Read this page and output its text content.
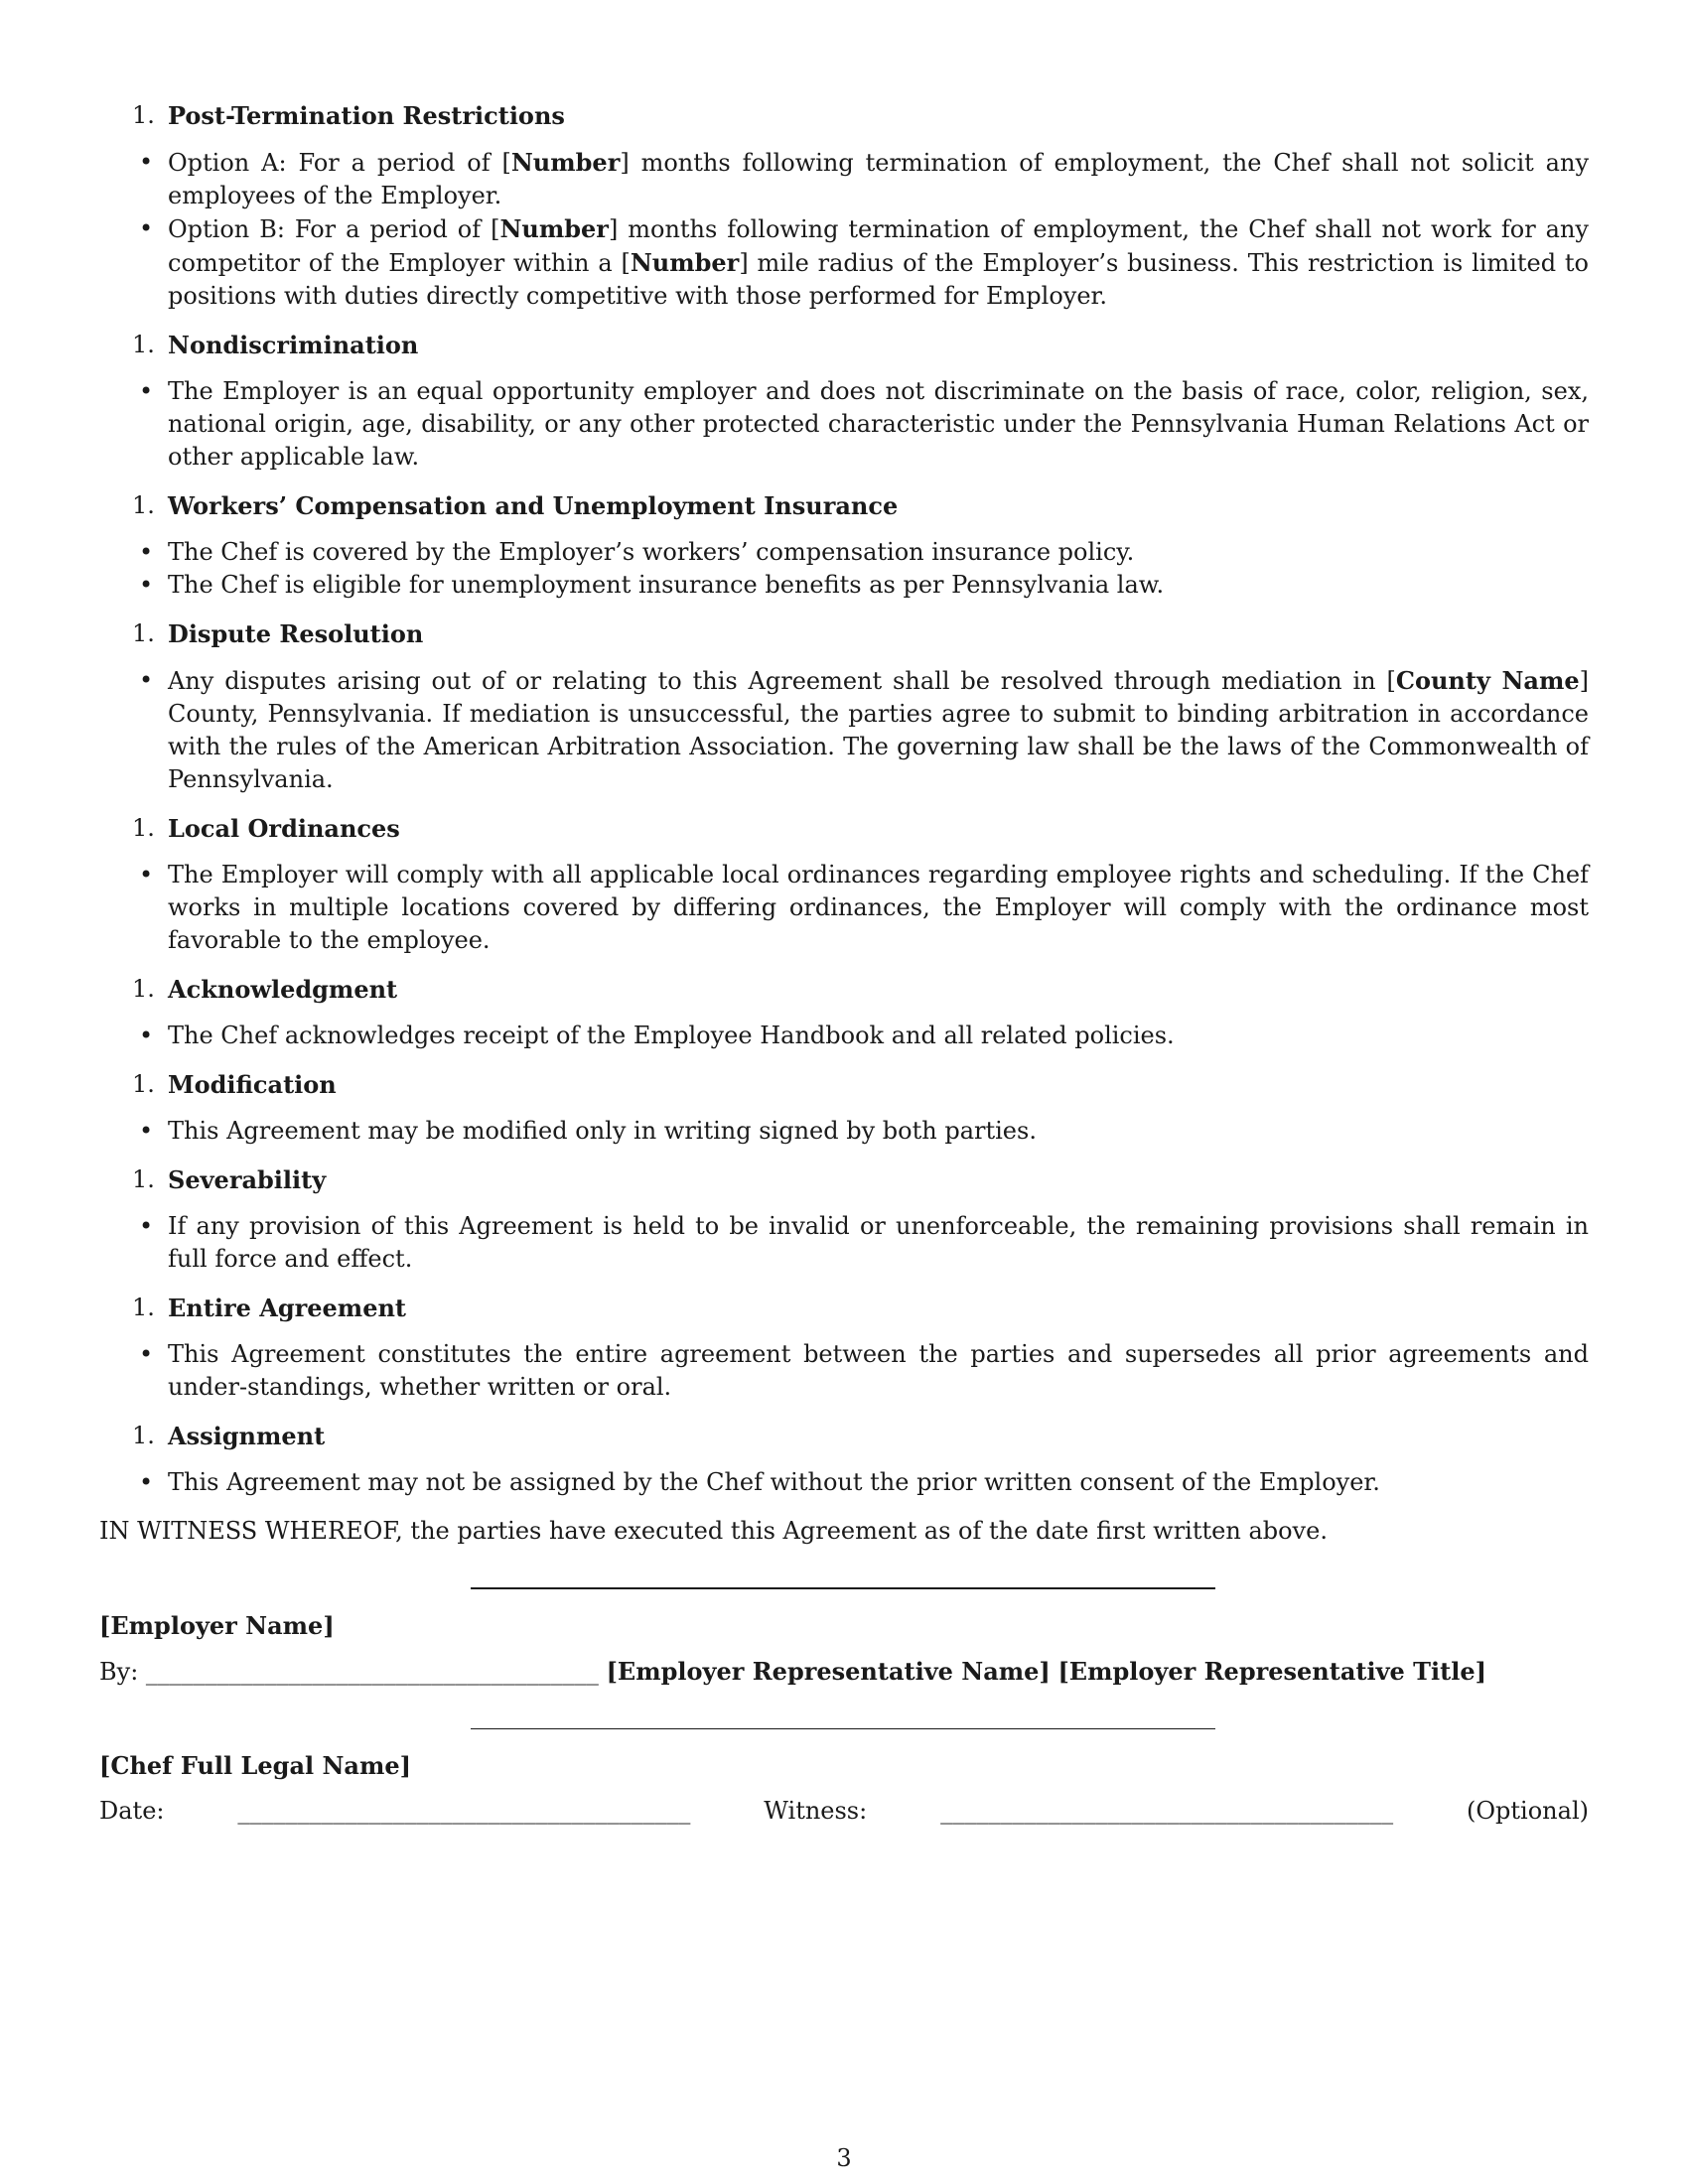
1. Post-Termination Restrictions
• Option A: For a period of [Number] months following termination of employment, the Chef shall not solicit any employees of the Employer.
• Option B: For a period of [Number] months following termination of employment, the Chef shall not work for any competitor of the Employer within a [Number] mile radius of the Employer’s business. This restriction is limited to positions with duties directly competitive with those performed for Employer.
1. Nondiscrimination
• The Employer is an equal opportunity employer and does not discriminate on the basis of race, color, religion, sex, national origin, age, disability, or any other protected characteristic under the Pennsylvania Human Relations Act or other applicable law.
1. Workers’ Compensation and Unemployment Insurance
• The Chef is covered by the Employer’s workers’ compensation insurance policy.
• The Chef is eligible for unemployment insurance benefits as per Pennsylvania law.
1. Dispute Resolution
• Any disputes arising out of or relating to this Agreement shall be resolved through mediation in [County Name] County, Pennsylvania. If mediation is unsuccessful, the parties agree to submit to binding arbitration in accordance with the rules of the American Arbitration Association. The governing law shall be the laws of the Commonwealth of Pennsylvania.
1. Local Ordinances
• The Employer will comply with all applicable local ordinances regarding employee rights and scheduling. If the Chef works in multiple locations covered by differing ordinances, the Employer will comply with the ordinance most favorable to the employee.
1. Acknowledgment
• The Chef acknowledges receipt of the Employee Handbook and all related policies.
1. Modification
• This Agreement may be modified only in writing signed by both parties.
1. Severability
• If any provision of this Agreement is held to be invalid or unenforceable, the remaining provisions shall remain in full force and effect.
1. Entire Agreement
• This Agreement constitutes the entire agreement between the parties and supersedes all prior agreements and under-standings, whether written or oral.
1. Assignment
• This Agreement may not be assigned by the Chef without the prior written consent of the Employer.

IN WITNESS WHEREOF, the parties have executed this Agreement as of the date first written above.

[Employer Name]
By: ______________________________________ [Employer Representative Name] [Employer Representative Title]
[Chef Full Legal Name]
Date:	______________________________________	Witness:	______________________________________	(Optional)
3
